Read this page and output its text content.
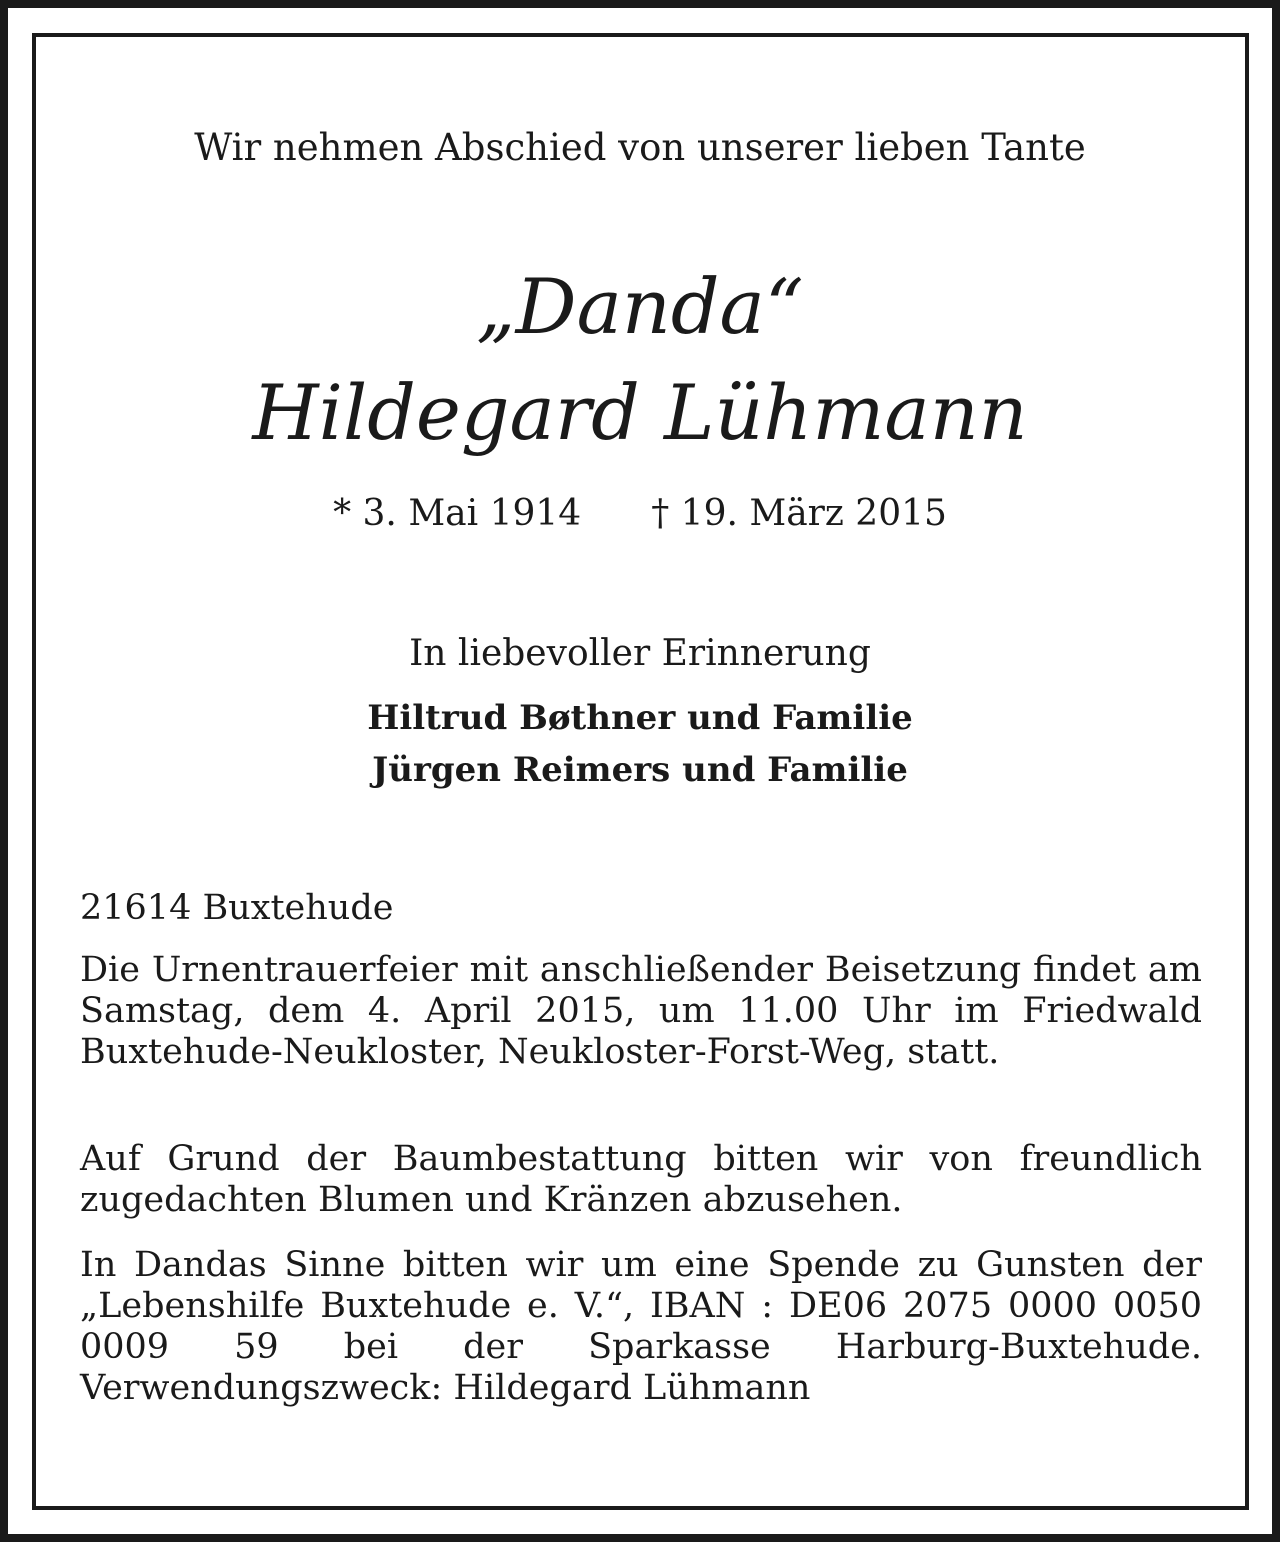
Wir nehmen Abschied von unserer lieben Tante
„Danda“
Hildegard Lühmann
* 3. Mai 1914 † 19. März 2015
In liebevoller Erinnerung
Hiltrud Bøthner und Familie
Jürgen Reimers und Familie
21614 Buxtehude
Die Urnentrauerfeier mit anschließender Beisetzung findet am Samstag, dem 4. April 2015, um 11.00 Uhr im Friedwald Buxtehude-Neukloster, Neukloster-Forst-Weg, statt.
Auf Grund der Baumbestattung bitten wir von freundlich zugedachten Blumen und Kränzen abzusehen.
In Dandas Sinne bitten wir um eine Spende zu Gunsten der „Lebenshilfe Buxtehude e. V.“, IBAN : DE06 2075 0000 0050 0009 59 bei der Sparkasse Harburg-Buxtehude. Verwendungszweck: Hildegard Lühmann
